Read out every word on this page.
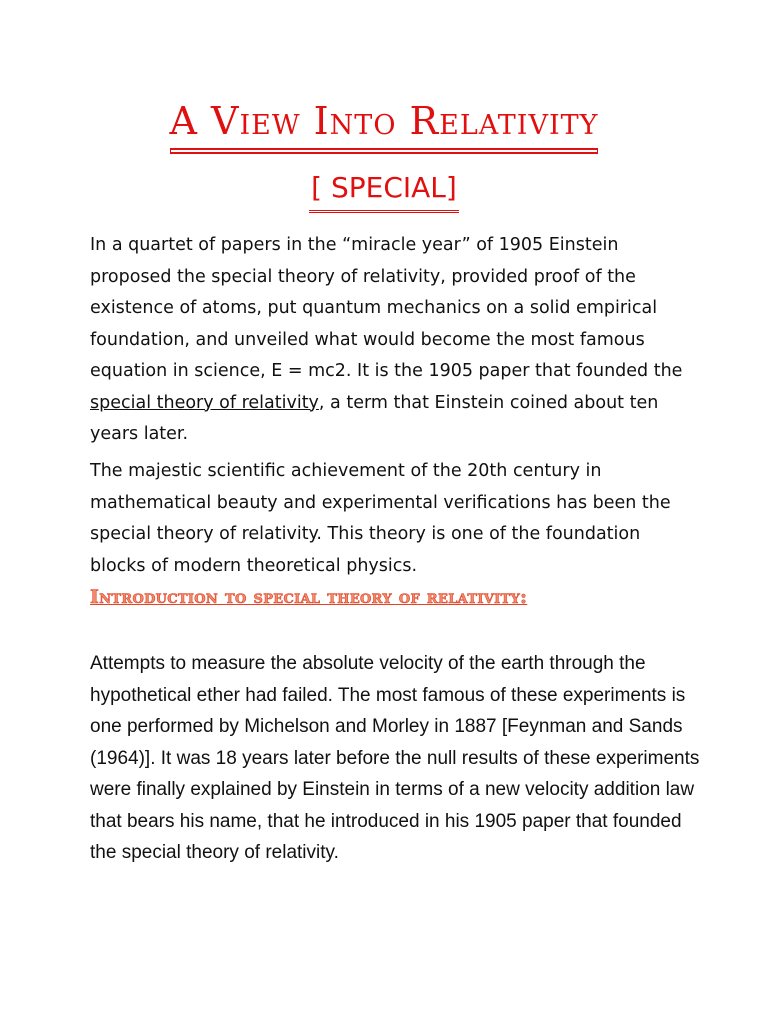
A View Into Relativity
[ SPECIAL]

In a quartet of papers in the “miracle year” of 1905 Einstein proposed the special theory of relativity, provided proof of the existence of atoms, put quantum mechanics on a solid empirical foundation, and unveiled what would become the most famous equation in science, E = mc2. It is the 1905 paper that founded the special theory of relativity, a term that Einstein coined about ten years later.

The majestic scientific achievement of the 20th century in mathematical beauty and experimental verifications has been the special theory of relativity. This theory is one of the foundation blocks of modern theoretical physics.

Introduction to special theory of relativity:

Attempts to measure the absolute velocity of the earth through the hypothetical ether had failed. The most famous of these experiments is one performed by Michelson and Morley in 1887 [Feynman and Sands (1964)]. It was 18 years later before the null results of these experiments were finally explained by Einstein in terms of a new velocity addition law that bears his name, that he introduced in his 1905 paper that founded the special theory of relativity.
